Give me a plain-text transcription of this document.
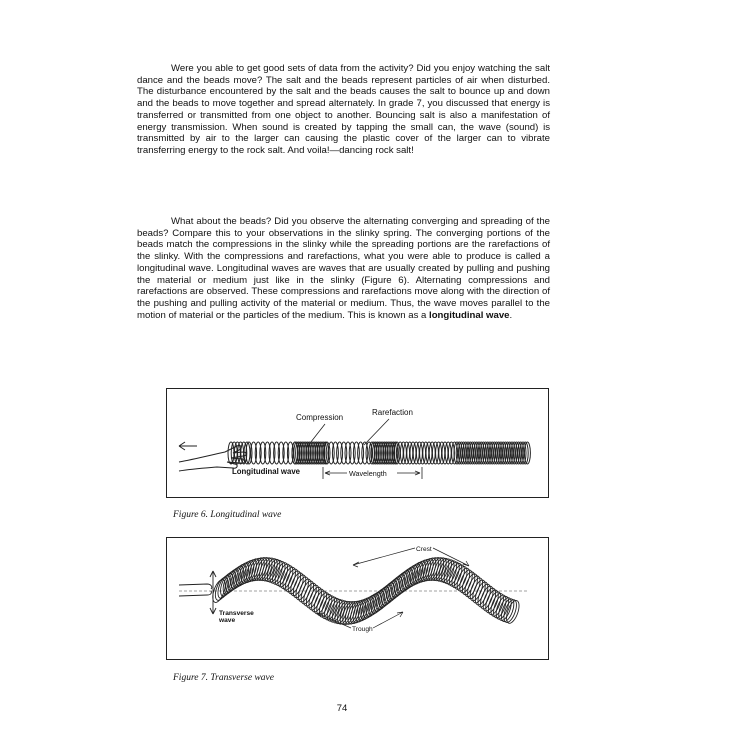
Were you able to get good sets of data from the activity? Did you enjoy watching the salt dance and the beads move? The salt and the beads represent particles of air when disturbed. The disturbance encountered by the salt and the beads causes the salt to bounce up and down and the beads to move together and spread alternately. In grade 7, you discussed that energy is transferred or transmitted from one object to another. Bouncing salt is also a manifestation of energy transmission. When sound is created by tapping the small can, the wave (sound) is transmitted by air to the larger can causing the plastic cover of the larger can to vibrate transferring energy to the rock salt. And voila!—dancing rock salt!

What about the beads? Did you observe the alternating converging and spreading of the beads? Compare this to your observations in the slinky spring. The converging portions of the beads match the compressions in the slinky while the spreading portions are the rarefactions of the slinky. With the compressions and rarefactions, what you were able to produce is called a longitudinal wave. Longitudinal waves are waves that are usually created by pulling and pushing the material or medium just like in the slinky (Figure 6). Alternating compressions and rarefactions are observed. These compressions and rarefactions move along with the direction of the pushing and pulling activity of the material or medium. Thus, the wave moves parallel to the motion of material or the particles of the medium. This is known as a longitudinal wave.

Compression
Rarefaction
Longitudinal wave	Wavelength
Figure 6. Longitudinal wave
Transverse
wave
Crest
Trough
Figure 7. Transverse wave
74
